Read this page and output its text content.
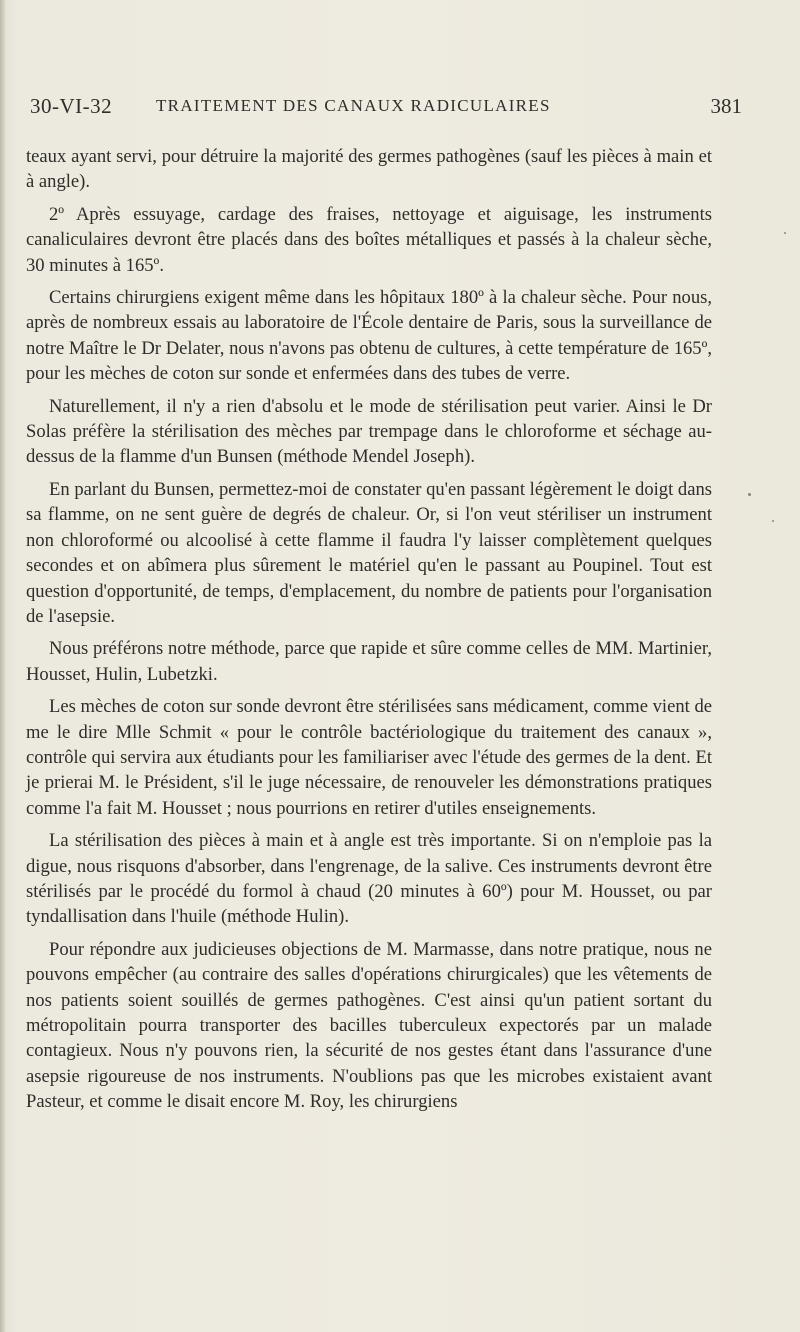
30-VI-32	TRAITEMENT DES CANAUX RADICULAIRES	381

teaux ayant servi, pour détruire la majorité des germes pathogènes (sauf les pièces à main et à angle).

2º Après essuyage, cardage des fraises, nettoyage et aiguisage, les instruments canaliculaires devront être placés dans des boîtes métalliques et passés à la chaleur sèche, 30 minutes à 165º.

Certains chirurgiens exigent même dans les hôpitaux 180º à la chaleur sèche. Pour nous, après de nombreux essais au laboratoire de l'École dentaire de Paris, sous la surveillance de notre Maître le Dr Delater, nous n'avons pas obtenu de cultures, à cette température de 165º, pour les mèches de coton sur sonde et enfermées dans des tubes de verre.

Naturellement, il n'y a rien d'absolu et le mode de stérilisation peut varier. Ainsi le Dr Solas préfère la stérilisation des mèches par trempage dans le chloroforme et séchage au-dessus de la flamme d'un Bunsen (méthode Mendel Joseph).

En parlant du Bunsen, permettez-moi de constater qu'en passant légèrement le doigt dans sa flamme, on ne sent guère de degrés de chaleur. Or, si l'on veut stériliser un instrument non chloroformé ou alcoolisé à cette flamme il faudra l'y laisser complètement quelques secondes et on abîmera plus sûrement le matériel qu'en le passant au Poupinel. Tout est question d'opportunité, de temps, d'emplacement, du nombre de patients pour l'organisation de l'asepsie.

Nous préférons notre méthode, parce que rapide et sûre comme celles de MM. Martinier, Housset, Hulin, Lubetzki.

Les mèches de coton sur sonde devront être stérilisées sans médicament, comme vient de me le dire Mlle Schmit « pour le contrôle bactériologique du traitement des canaux », contrôle qui servira aux étudiants pour les familiariser avec l'étude des germes de la dent. Et je prierai M. le Président, s'il le juge nécessaire, de renouveler les démonstrations pratiques comme l'a fait M. Housset ; nous pourrions en retirer d'utiles enseignements.

La stérilisation des pièces à main et à angle est très importante. Si on n'emploie pas la digue, nous risquons d'absorber, dans l'engrenage, de la salive. Ces instruments devront être stérilisés par le procédé du formol à chaud (20 minutes à 60º) pour M. Housset, ou par tyndallisation dans l'huile (méthode Hulin).

Pour répondre aux judicieuses objections de M. Marmasse, dans notre pratique, nous ne pouvons empêcher (au contraire des salles d'opérations chirurgicales) que les vêtements de nos patients soient souillés de germes pathogènes. C'est ainsi qu'un patient sortant du métropolitain pourra transporter des bacilles tuberculeux expectorés par un malade contagieux. Nous n'y pouvons rien, la sécurité de nos gestes étant dans l'assurance d'une asepsie rigoureuse de nos instruments. N'oublions pas que les microbes existaient avant Pasteur, et comme le disait encore M. Roy, les chirurgiens
